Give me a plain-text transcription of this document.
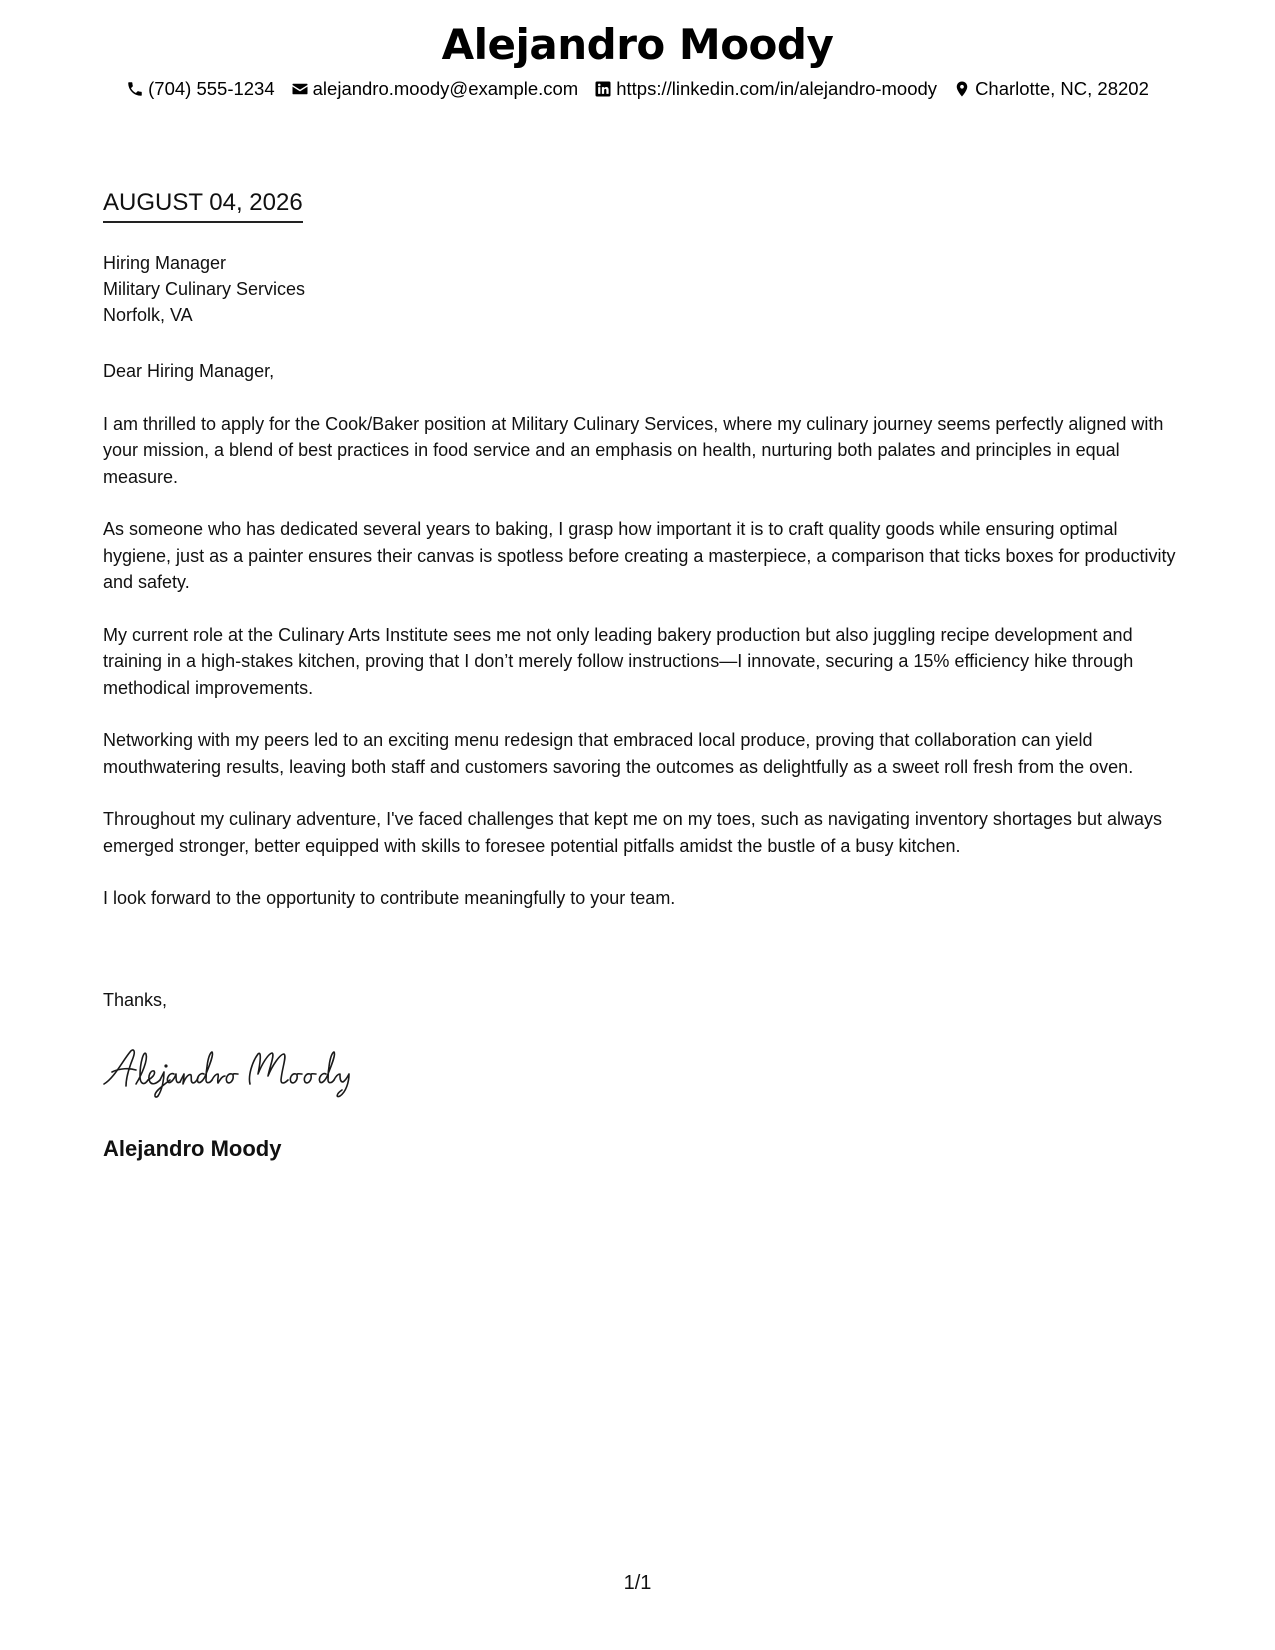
Alejandro Moody
(704) 555-1234 alejandro.moody@example.com https://linkedin.com/in/alejandro-moody Charlotte, NC, 28202
AUGUST 04, 2026
Hiring Manager
Military Culinary Services
Norfolk, VA

Dear Hiring Manager,

I am thrilled to apply for the Cook/Baker position at Military Culinary Services, where my culinary journey seems perfectly aligned with your mission, a blend of best practices in food service and an emphasis on health, nurturing both palates and principles in equal measure.

As someone who has dedicated several years to baking, I grasp how important it is to craft quality goods while ensuring optimal hygiene, just as a painter ensures their canvas is spotless before creating a masterpiece, a comparison that ticks boxes for productivity and safety.

My current role at the Culinary Arts Institute sees me not only leading bakery production but also juggling recipe development and training in a high-stakes kitchen, proving that I don’t merely follow instructions—I innovate, securing a 15% efficiency hike through methodical improvements.

Networking with my peers led to an exciting menu redesign that embraced local produce, proving that collaboration can yield mouthwatering results, leaving both staff and customers savoring the outcomes as delightfully as a sweet roll fresh from the oven.

Throughout my culinary adventure, I've faced challenges that kept me on my toes, such as navigating inventory shortages but always emerged stronger, better equipped with skills to foresee potential pitfalls amidst the bustle of a busy kitchen.

I look forward to the opportunity to contribute meaningfully to your team.

Thanks,
Alejandro Moody
1/1
